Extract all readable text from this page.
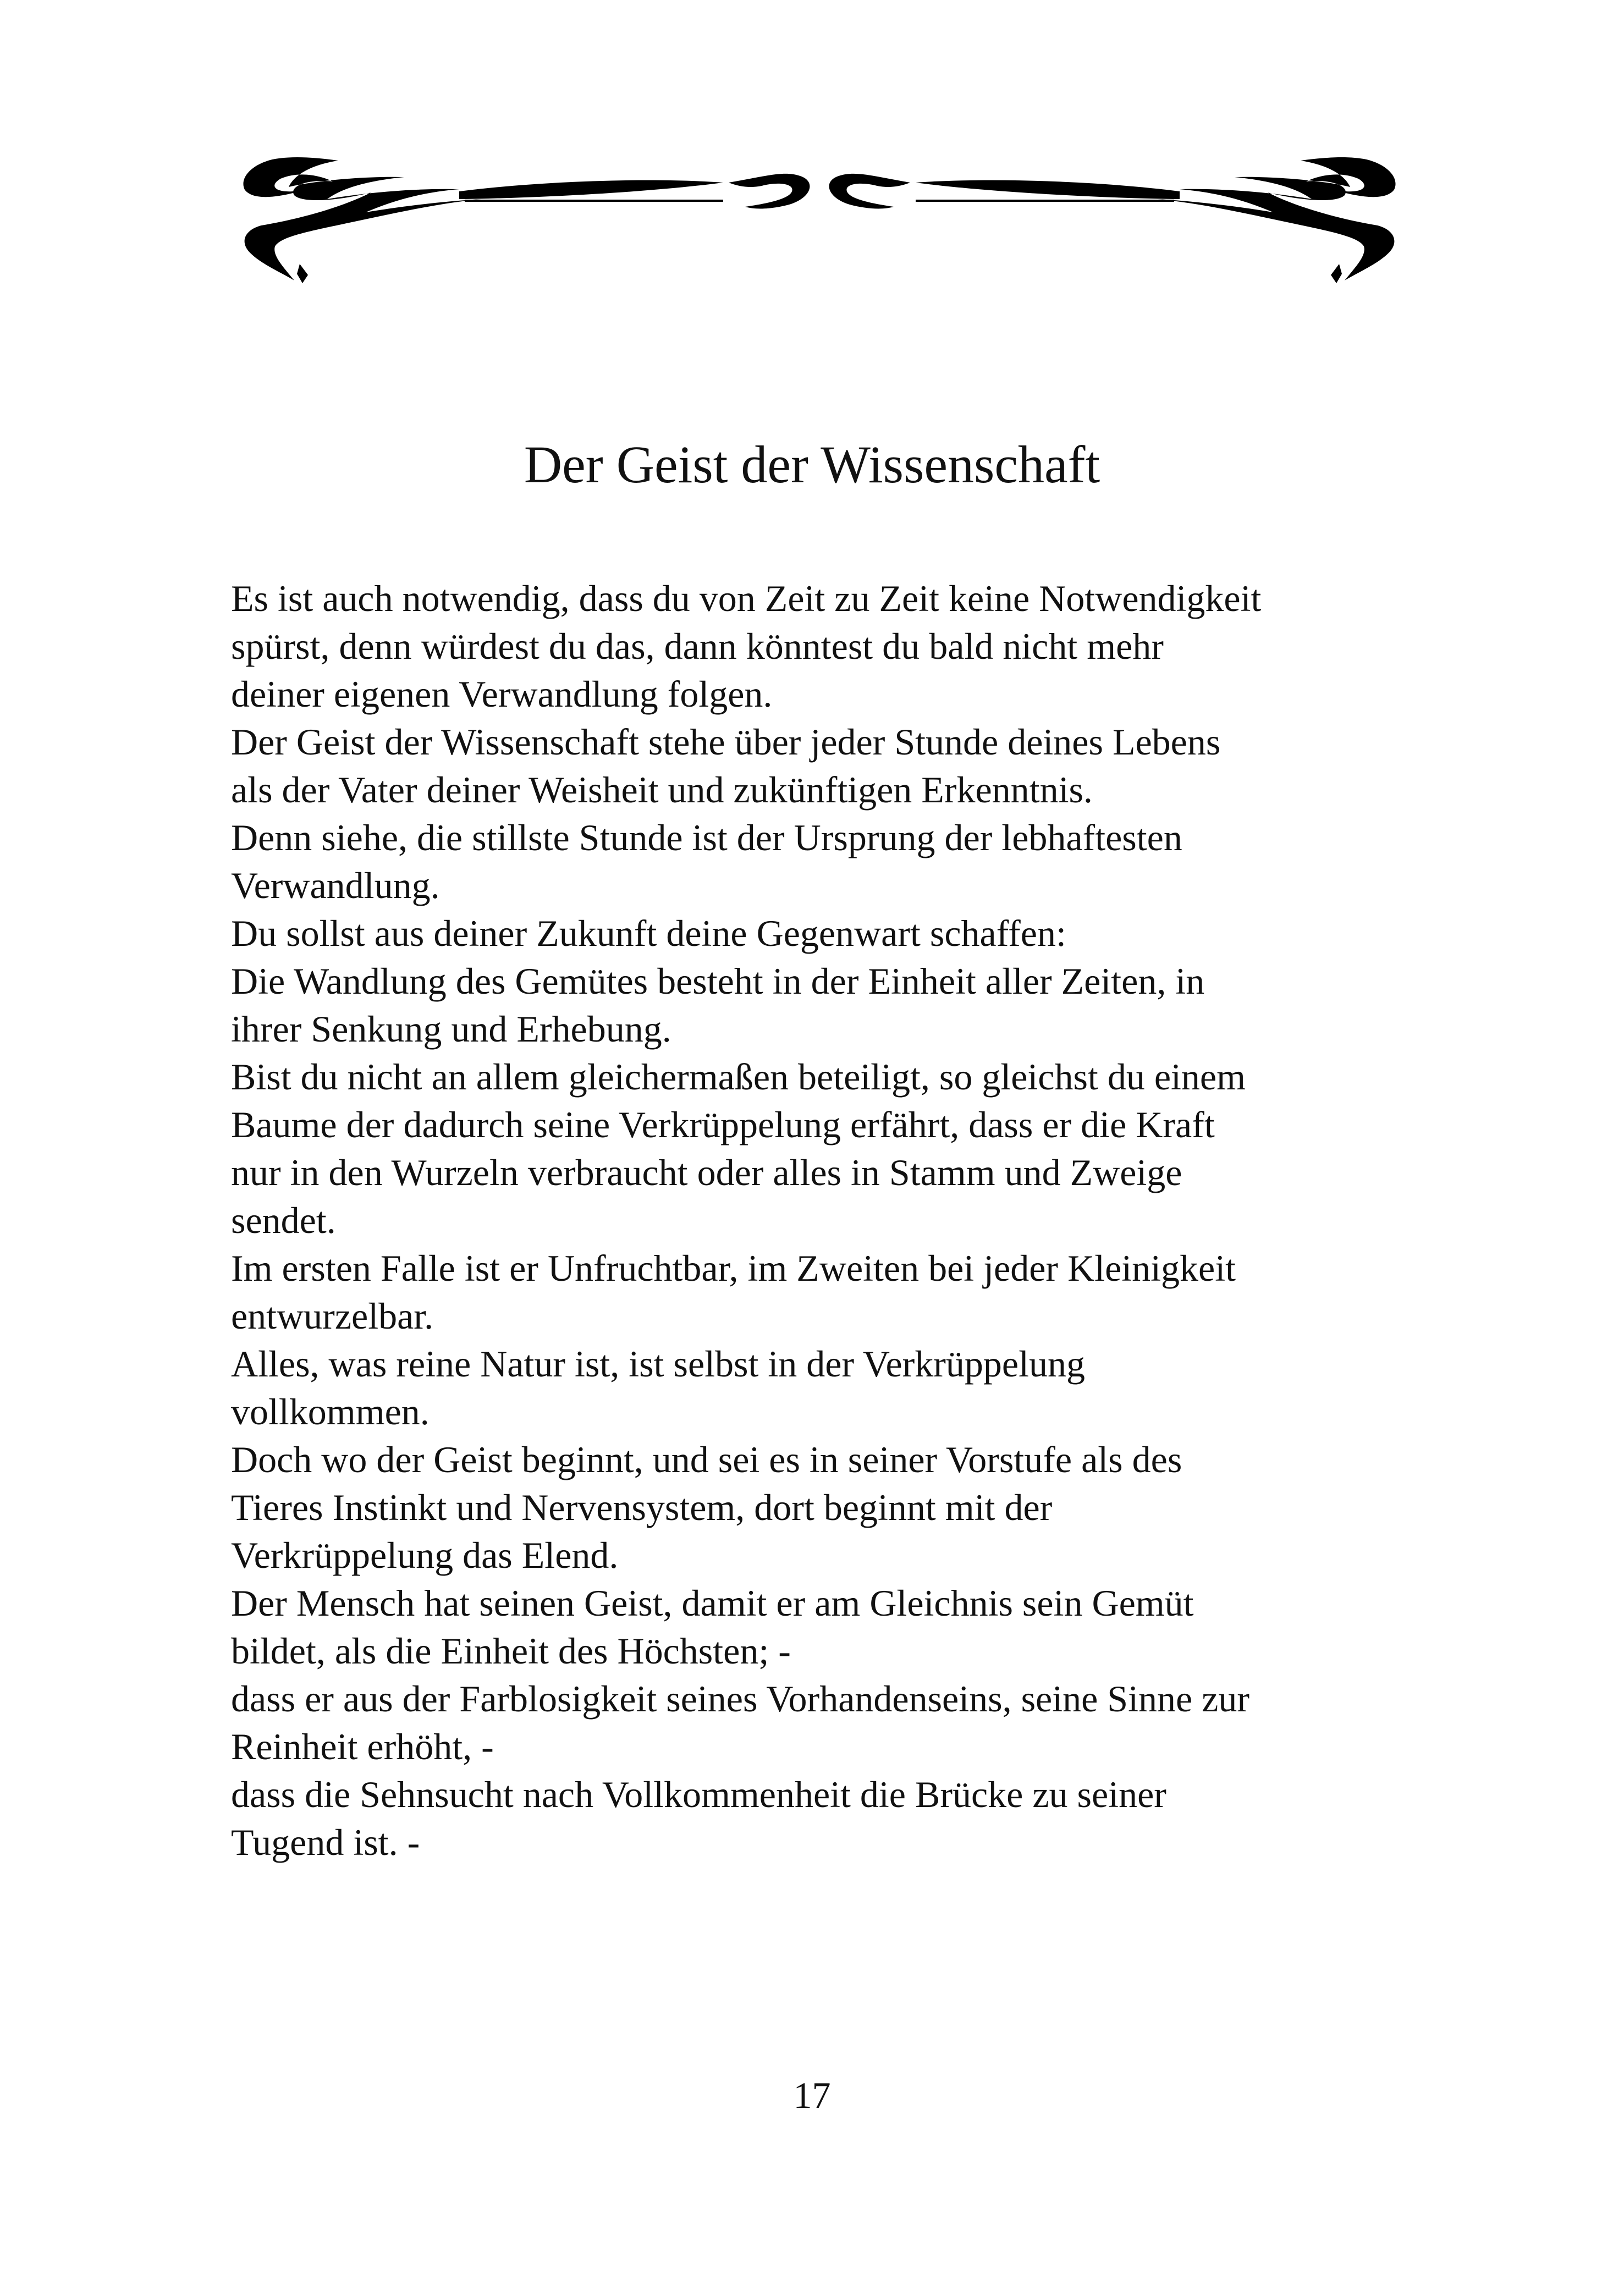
Der Geist der Wissenschaft
Es ist auch notwendig, dass du von Zeit zu Zeit keine Notwendigkeit
spürst, denn würdest du das, dann könntest du bald nicht mehr
deiner eigenen Verwandlung folgen.
Der Geist der Wissenschaft stehe über jeder Stunde deines Lebens
als der Vater deiner Weisheit und zukünftigen Erkenntnis.
Denn siehe, die stillste Stunde ist der Ursprung der lebhaftesten
Verwandlung.
Du sollst aus deiner Zukunft deine Gegenwart schaffen:
Die Wandlung des Gemütes besteht in der Einheit aller Zeiten, in
ihrer Senkung und Erhebung.
Bist du nicht an allem gleichermaßen beteiligt, so gleichst du einem
Baume der dadurch seine Verkrüppelung erfährt, dass er die Kraft
nur in den Wurzeln verbraucht oder alles in Stamm und Zweige
sendet.
Im ersten Falle ist er Unfruchtbar, im Zweiten bei jeder Kleinigkeit
entwurzelbar.
Alles, was reine Natur ist, ist selbst in der Verkrüppelung
vollkommen.
Doch wo der Geist beginnt, und sei es in seiner Vorstufe als des
Tieres Instinkt und Nervensystem, dort beginnt mit der
Verkrüppelung das Elend.
Der Mensch hat seinen Geist, damit er am Gleichnis sein Gemüt
bildet, als die Einheit des Höchsten; -
dass er aus der Farblosigkeit seines Vorhandenseins, seine Sinne zur
Reinheit erhöht, -
dass die Sehnsucht nach Vollkommenheit die Brücke zu seiner
Tugend ist. -
17
